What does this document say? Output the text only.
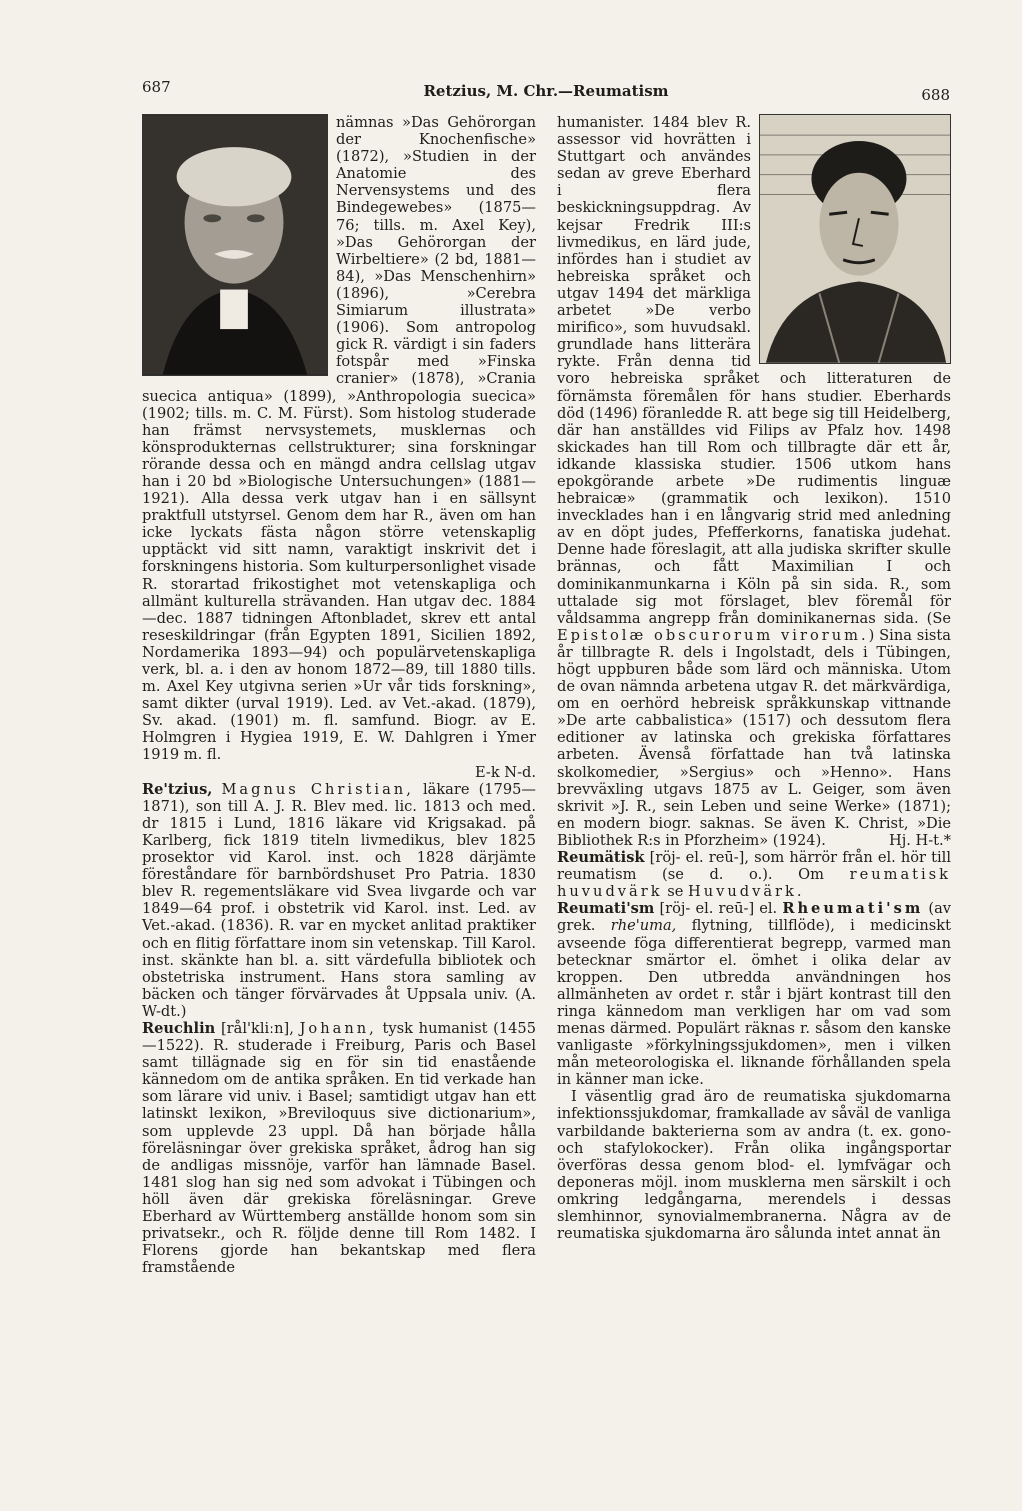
687	Retzius, M. Chr.—Reumatism	688

nämnas »Das Gehörorgan der Knochenfische» (1872), »Studien in der Anatomie des Nervensystems und des Bindegewebes» (1875—76; tills. m. Axel Key), »Das Gehörorgan der Wirbeltiere» (2 bd, 1881—84), »Das Menschenhirn» (1896), »Cerebra Simiarum illustrata» (1906). Som antropolog gick R. värdigt i sin faders fotspår med »Finska cranier» (1878), »Crania suecica antiqua» (1899), »Anthropologia suecica» (1902; tills. m. C. M. Fürst). Som histolog studerade han främst nervsystemets, musklernas och könsprodukternas cellstrukturer; sina forskningar rörande dessa och en mängd andra cellslag utgav han i 20 bd »Biologische Untersuchungen» (1881—1921). Alla dessa verk utgav han i en sällsynt praktfull utstyrsel. Genom dem har R., även om han icke lyckats fästa någon större vetenskaplig upptäckt vid sitt namn, varaktigt inskrivit det i forskningens historia. Som kulturpersonlighet visade R. storartad frikostighet mot vetenskapliga och allmänt kulturella strävanden. Han utgav dec. 1884—dec. 1887 tidningen Aftonbladet, skrev ett antal reseskildringar (från Egypten 1891, Sicilien 1892, Nordamerika 1893—94) och populärvetenskapliga verk, bl. a. i den av honom 1872—89, till 1880 tills. m. Axel Key utgivna serien »Ur vår tids forskning», samt dikter (urval 1919). Led. av Vet.-akad. (1879), Sv. akad. (1901) m. fl. samfund. Biogr. av E. Holmgren i Hygiea 1919, E. W. Dahlgren i Ymer 1919 m. fl.

E-k N-d.

Re'tzius, Magnus Christian, läkare (1795—1871), son till A. J. R. Blev med. lic. 1813 och med. dr 1815 i Lund, 1816 läkare vid Krigsakad. på Karlberg, fick 1819 titeln livmedikus, blev 1825 prosektor vid Karol. inst. och 1828 därjämte föreståndare för barnbördshuset Pro Patria. 1830 blev R. regementsläkare vid Svea livgarde och var 1849—64 prof. i obstetrik vid Karol. inst. Led. av Vet.-akad. (1836). R. var en mycket anlitad praktiker och en flitig författare inom sin vetenskap. Till Karol. inst. skänkte han bl. a. sitt värdefulla bibliotek och obstetriska instrument. Hans stora samling av bäcken och tänger förvärvades åt Uppsala univ. (A. W-dt.)

Reuchlin [rål'kliːn], Johann, tysk humanist (1455—1522). R. studerade i Freiburg, Paris och Basel samt tillägnade sig en för sin tid enastående kännedom om de antika språken. En tid verkade han som lärare vid univ. i Basel; samtidigt utgav han ett latinskt lexikon, »Breviloquus sive dictionarium», som upplevde 23 uppl. Då han började hålla föreläsningar över grekiska språket, ådrog han sig de andligas missnöje, varför han lämnade Basel. 1481 slog han sig ned som advokat i Tübingen och höll även där grekiska föreläsningar. Greve Eberhard av Württemberg anställde honom som sin privatsekr., och R. följde denne till Rom 1482. I Florens gjorde han bekantskap med flera framstående

humanister. 1484 blev R. assessor vid hovrätten i Stuttgart och användes sedan av greve Eberhard i flera beskickningsuppdrag. Av kejsar Fredrik III:s livmedikus, en lärd jude, infördes han i studiet av hebreiska språket och utgav 1494 det märkliga arbetet »De verbo mirifico», som huvudsakl. grundlade hans litterära rykte. Från denna tid voro hebreiska språket och litteraturen de förnämsta föremålen för hans studier. Eberhards död (1496) föranledde R. att bege sig till Heidelberg, där han anställdes vid Filips av Pfalz hov. 1498 skickades han till Rom och tillbragte där ett år, idkande klassiska studier. 1506 utkom hans epokgörande arbete »De rudimentis linguæ hebraicæ» (grammatik och lexikon). 1510 invecklades han i en långvarig strid med anledning av en döpt judes, Pfefferkorns, fanatiska judehat. Denne hade föreslagit, att alla judiska skrifter skulle brännas, och fått Maximilian I och dominikanmunkarna i Köln på sin sida. R., som uttalade sig mot förslaget, blev föremål för våldsamma angrepp från dominikanernas sida. (Se Epistolæ obscurorum virorum.) Sina sista år tillbragte R. dels i Ingolstadt, dels i Tübingen, högt uppburen både som lärd och människa. Utom de ovan nämnda arbetena utgav R. det märkvärdiga, om en oerhörd hebreisk språkkunskap vittnande »De arte cabbalistica» (1517) och dessutom flera editioner av latinska och grekiska författares arbeten. Ävenså författade han två latinska skolkomedier, »Sergius» och »Henno». Hans brevväxling utgavs 1875 av L. Geiger, som även skrivit »J. R., sein Leben und seine Werke» (1871); en modern biogr. saknas. Se även K. Christ, »Die Bibliothek R:s in Pforzheim» (1924).	Hj. H-t.*

Reumätisk [röj- el. reū-], som härrör från el. hör till reumatism (se d. o.). Om reumatisk huvudvärk se Huvudvärk.

Reumati'sm [röj- el. reū-] el. Rheumati'sm (av grek. rhe'uma, flytning, tillflöde), i medicinskt avseende föga differentierat begrepp, varmed man betecknar smärtor el. ömhet i olika delar av kroppen. Den utbredda användningen hos allmänheten av ordet r. står i bjärt kontrast till den ringa kännedom man verkligen har om vad som menas därmed. Populärt räknas r. såsom den kanske vanligaste »förkylningssjukdomen», men i vilken mån meteorologiska el. liknande förhållanden spela in känner man icke.

I väsentlig grad äro de reumatiska sjukdomarna infektionssjukdomar, framkallade av såväl de vanliga varbildande bakterierna som av andra (t. ex. gono- och stafylokocker). Från olika ingångsportar överföras dessa genom blod- el. lymfvägar och deponeras möjl. inom musklerna men särskilt i och omkring ledgångarna, merendels i dessas slemhinnor, synovialmembranerna. Några av de reumatiska sjukdomarna äro sålunda intet annat än
